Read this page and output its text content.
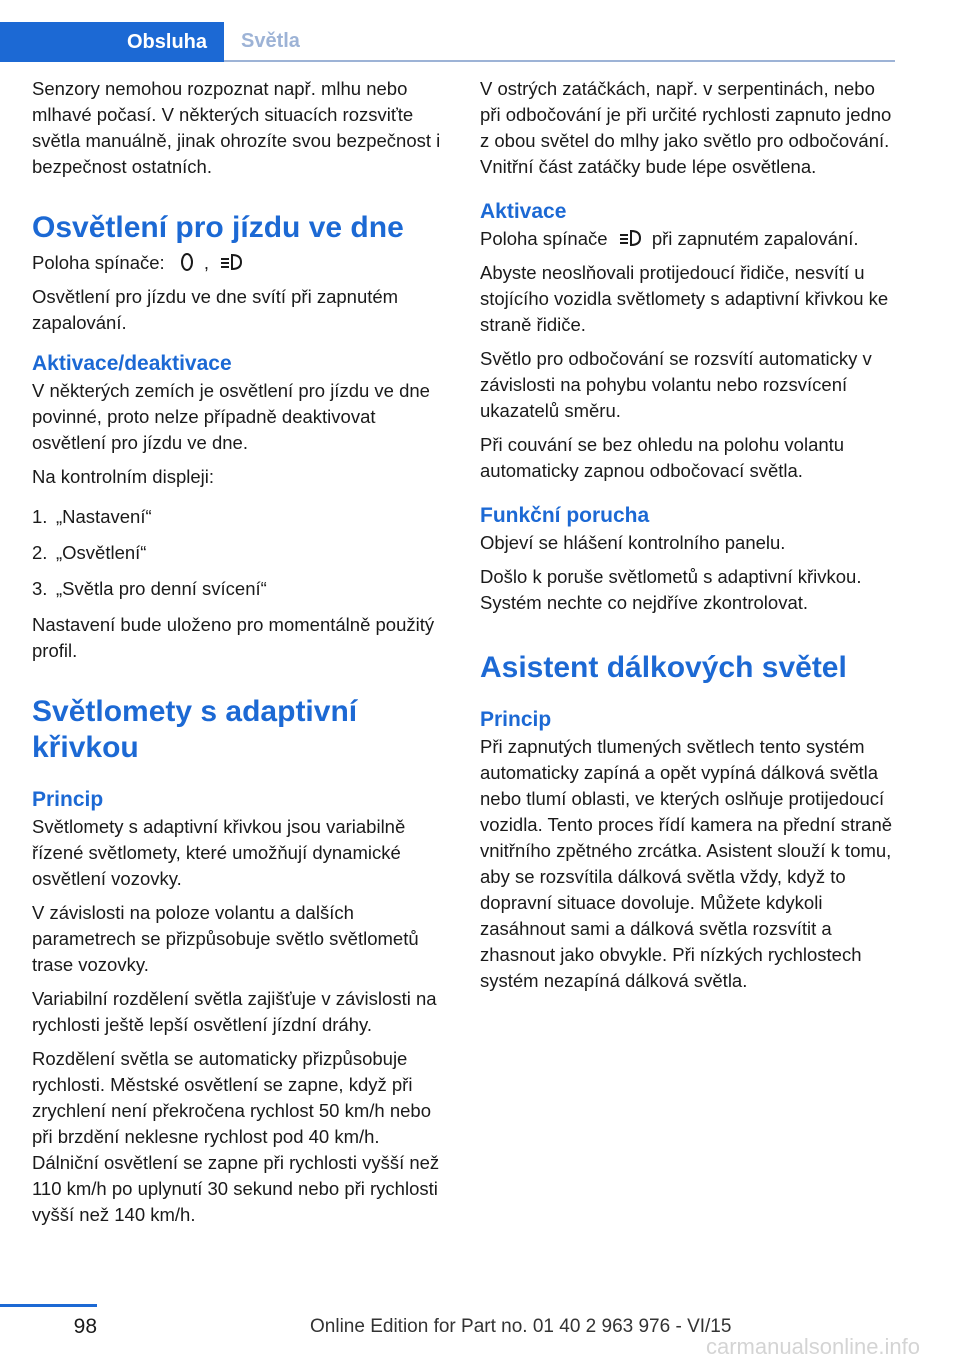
Obsluha	Světla

Senzory nemohou rozpoznat např. mlhu nebo mlhavé počasí. V některých situacích rozsviťte světla manuálně, jinak ohrozíte svou bezpečnost i bezpečnost ostatních.

Osvětlení pro jízdu ve dne

Poloha spínače: ,

Osvětlení pro jízdu ve dne svítí při zapnutém zapalování.

Aktivace/deaktivace

V některých zemích je osvětlení pro jízdu ve dne povinné, proto nelze případně deaktivovat osvětlení pro jízdu ve dne.

Na kontrolním displeji:

1. „Nastavení“
2. „Osvětlení“
3. „Světla pro denní svícení“

Nastavení bude uloženo pro momentálně použitý profil.

Světlomety s adaptivní křivkou
Princip

Světlomety s adaptivní křivkou jsou variabilně řízené světlomety, které umožňují dynamické osvětlení vozovky.

V závislosti na poloze volantu a dalších parametrech se přizpůsobuje světlo světlometů trase vozovky.

Variabilní rozdělení světla zajišťuje v závislosti na rychlosti ještě lepší osvětlení jízdní dráhy.

Rozdělení světla se automaticky přizpůsobuje rychlosti. Městské osvětlení se zapne, když při zrychlení není překročena rychlost 50 km/h nebo při brzdění neklesne rychlost pod 40 km/h. Dálniční osvětlení se zapne při rychlosti vyšší než 110 km/h po uplynutí 30 sekund nebo při rychlosti vyšší než 140 km/h.

V ostrých zatáčkách, např. v serpentinách, nebo při odbočování je při určité rychlosti zapnuto jedno z obou světel do mlhy jako světlo pro odbočování. Vnitřní část zatáčky bude lépe osvětlena.

Aktivace

Poloha spínače při zapnutém zapalování.

Abyste neoslňovali protijedoucí řidiče, nesvítí u stojícího vozidla světlomety s adaptivní křivkou ke straně řidiče.

Světlo pro odbočování se rozsvítí automaticky v závislosti na pohybu volantu nebo rozsvícení ukazatelů směru.

Při couvání se bez ohledu na polohu volantu automaticky zapnou odbočovací světla.

Funkční porucha

Objeví se hlášení kontrolního panelu.

Došlo k poruše světlometů s adaptivní křivkou. Systém nechte co nejdříve zkontrolovat.

Asistent dálkových světel
Princip

Při zapnutých tlumených světlech tento systém automaticky zapíná a opět vypíná dálková světla nebo tlumí oblasti, ve kterých oslňuje protijedoucí vozidla. Tento proces řídí kamera na přední straně vnitřního zpětného zrcátka. Asistent slouží k tomu, aby se rozsvítila dálková světla vždy, když to dopravní situace dovoluje. Můžete kdykoli zasáhnout sami a dálková světla rozsvítit a zhasnout jako obvykle. Při nízkých rychlostech systém nezapíná dálková světla.

98	Online Edition for Part no. 01 40 2 963 976 - VI/15
carmanualsonline.info
